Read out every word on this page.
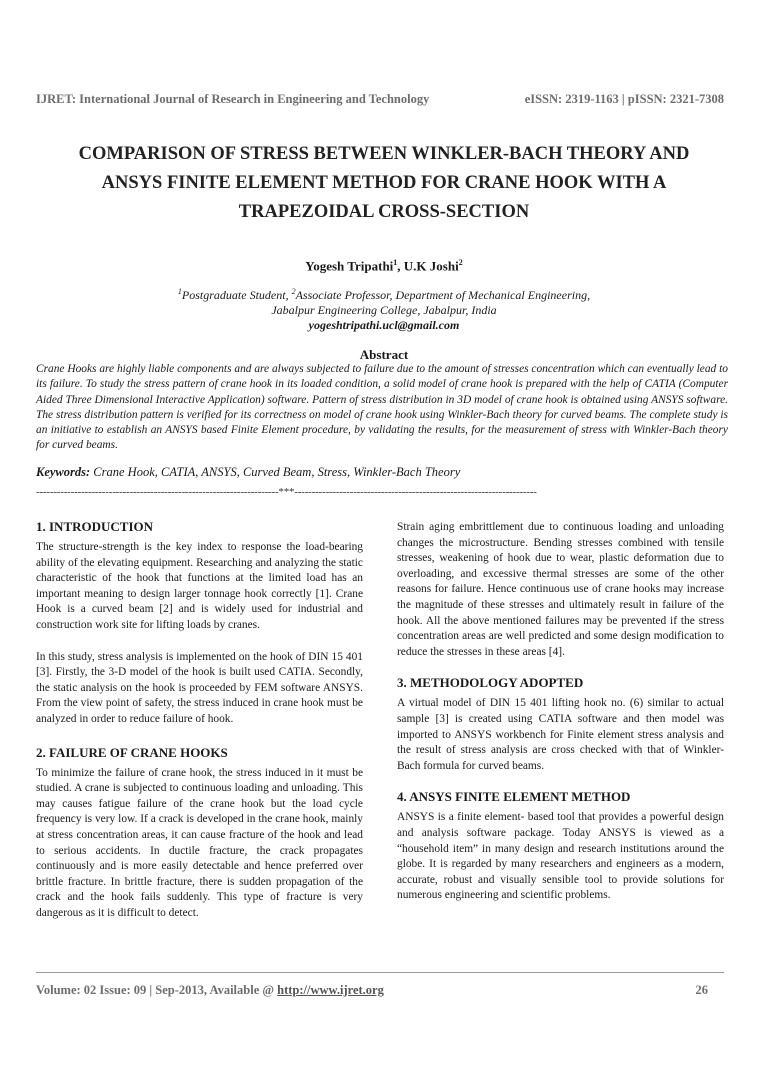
IJRET: International Journal of Research in Engineering and Technology	eISSN: 2319-1163 | pISSN: 2321-7308
COMPARISON OF STRESS BETWEEN WINKLER-BACH THEORY AND
ANSYS FINITE ELEMENT METHOD FOR CRANE HOOK WITH A
TRAPEZOIDAL CROSS-SECTION
Yogesh Tripathi$^1$, U.K Joshi$^2$
$^1$Postgraduate Student, $^2$Associate Professor, Department of Mechanical Engineering,
Jabalpur Engineering College, Jabalpur, India
yogeshtripathi.ucl@gmail.com
Abstract
Crane Hooks are highly liable components and are always subjected to failure due to the amount of stresses concentration which can eventually lead to its failure. To study the stress pattern of crane hook in its loaded condition, a solid model of crane hook is prepared with the help of CATIA (Computer Aided Three Dimensional Interactive Application) software. Pattern of stress distribution in 3D model of crane hook is obtained using ANSYS software. The stress distribution pattern is verified for its correctness on model of crane hook using Winkler-Bach theory for curved beams. The complete study is an initiative to establish an ANSYS based Finite Element procedure, by validating the results, for the measurement of stress with Winkler-Bach theory for curved beams.
Keywords: Crane Hook, CATIA, ANSYS, Curved Beam, Stress, Winkler-Bach Theory
----------------------------------------------------------------------***----------------------------------------------------------------------
1. INTRODUCTION

The structure-strength is the key index to response the load-bearing ability of the elevating equipment. Researching and analyzing the static characteristic of the hook that functions at the limited load has an important meaning to design larger tonnage hook correctly [1]. Crane Hook is a curved beam [2] and is widely used for industrial and construction work site for lifting loads by cranes.

In this study, stress analysis is implemented on the hook of DIN 15 401 [3]. Firstly, the 3-D model of the hook is built used CATIA. Secondly, the static analysis on the hook is proceeded by FEM software ANSYS. From the view point of safety, the stress induced in crane hook must be analyzed in order to reduce failure of hook.

2. FAILURE OF CRANE HOOKS

To minimize the failure of crane hook, the stress induced in it must be studied. A crane is subjected to continuous loading and unloading. This may causes fatigue failure of the crane hook but the load cycle frequency is very low. If a crack is developed in the crane hook, mainly at stress concentration areas, it can cause fracture of the hook and lead to serious accidents. In ductile fracture, the crack propagates continuously and is more easily detectable and hence preferred over brittle fracture. In brittle fracture, there is sudden propagation of the crack and the hook fails suddenly. This type of fracture is very dangerous as it is difficult to detect.

Strain aging embrittlement due to continuous loading and unloading changes the microstructure. Bending stresses combined with tensile stresses, weakening of hook due to wear, plastic deformation due to overloading, and excessive thermal stresses are some of the other reasons for failure. Hence continuous use of crane hooks may increase the magnitude of these stresses and ultimately result in failure of the hook. All the above mentioned failures may be prevented if the stress concentration areas are well predicted and some design modification to reduce the stresses in these areas [4].

3. METHODOLOGY ADOPTED

A virtual model of DIN 15 401 lifting hook no. (6) similar to actual sample [3] is created using CATIA software and then model was imported to ANSYS workbench for Finite element stress analysis and the result of stress analysis are cross checked with that of Winkler-Bach formula for curved beams.

4. ANSYS FINITE ELEMENT METHOD

ANSYS is a finite element- based tool that provides a powerful design and analysis software package. Today ANSYS is viewed as a “household item” in many design and research institutions around the globe. It is regarded by many researchers and engineers as a modern, accurate, robust and visually sensible tool to provide solutions for numerous engineering and scientific problems.

Volume: 02 Issue: 09 | Sep-2013, Available @ http://www.ijret.org	26
